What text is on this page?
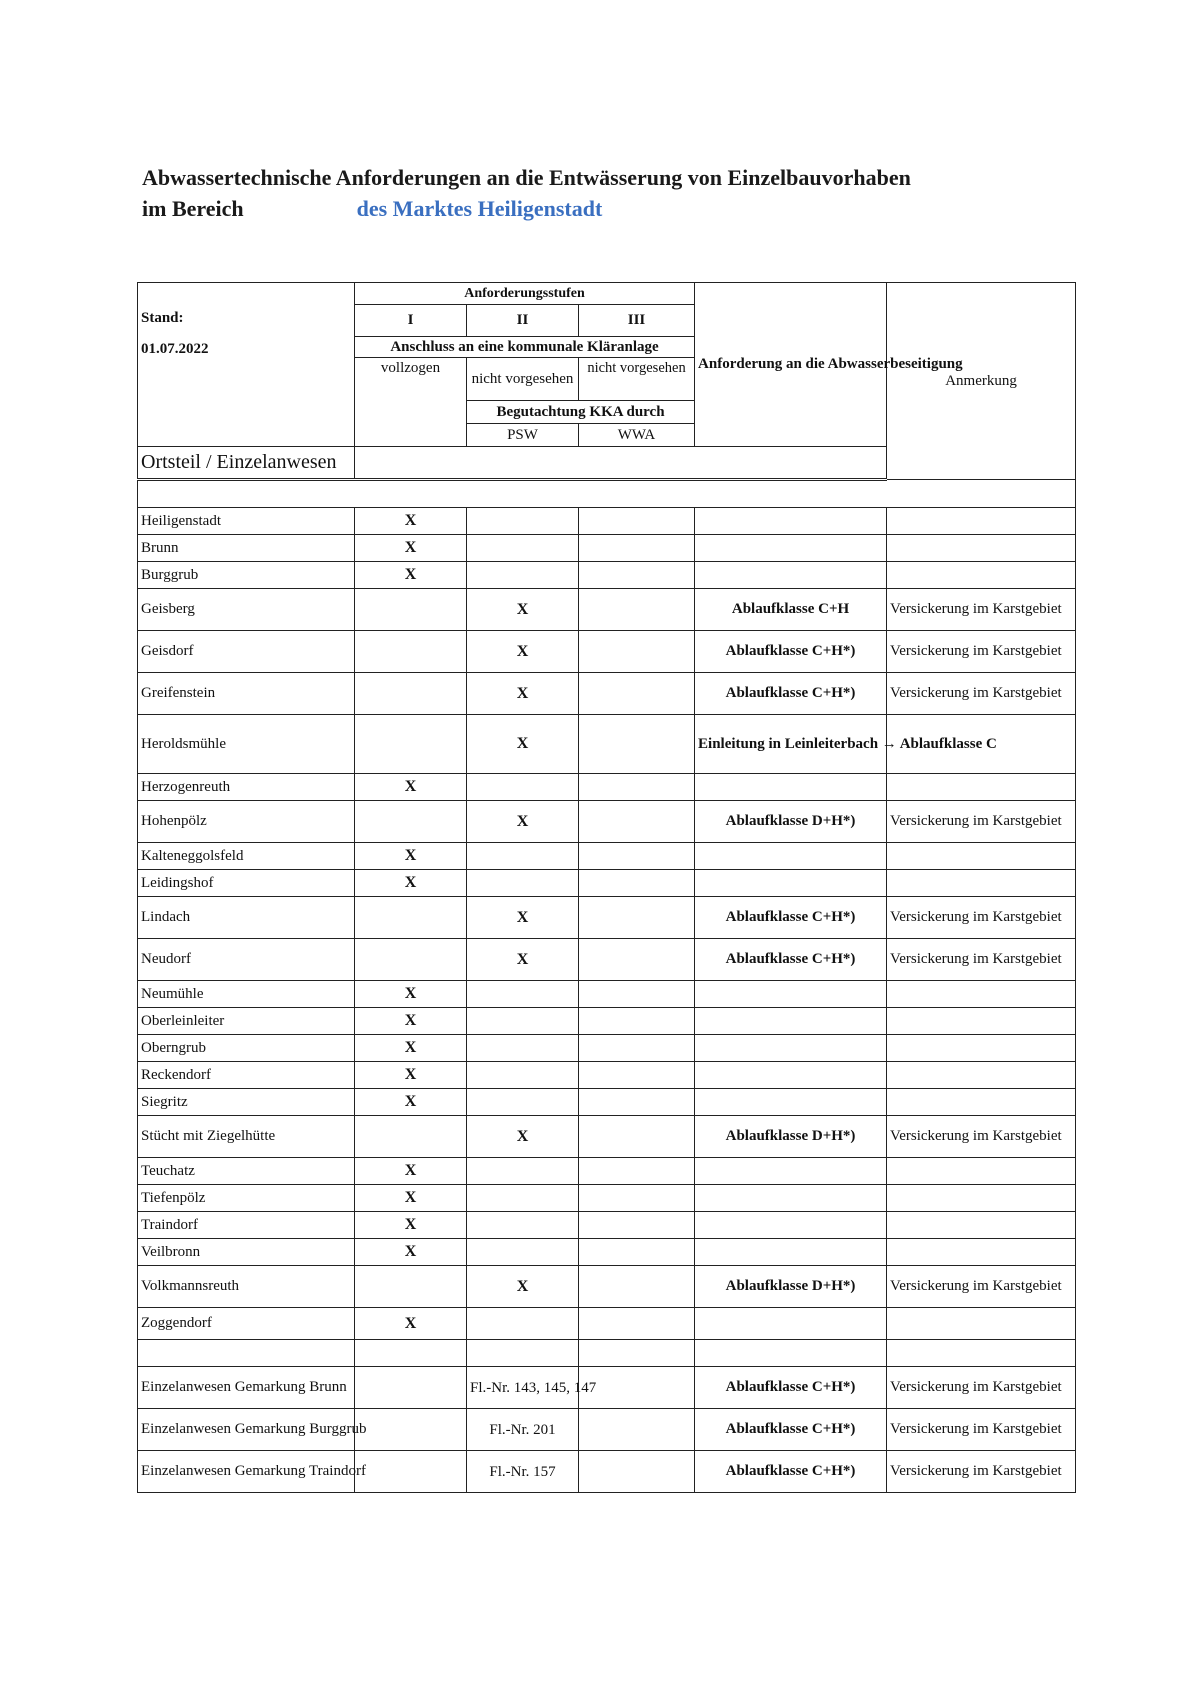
Abwassertechnische Anforderungen an die Entwässerung von Einzelbauvorhaben
im Bereich	des Marktes Heiligenstadt
Stand:
01.07.2022	Anforderungsstufen			Anforderung an die Abwasserbeseitigung	Anmerkung
	I	II	III		
	Anschluss an eine kommunale Kläranlage				
	vollzogen	nicht vorgesehen	nicht vorgesehen		
		Begutachtung KKA durch			
		PSW	WWA		
Ortsteil / Einzelanwesen					

Heiligenstadt	X				
Brunn	X				
Burggrub	X				
Geisberg		X		Ablaufklasse C+H	Versickerung im Karstgebiet
Geisdorf		X		Ablaufklasse C+H*)	Versickerung im Karstgebiet
Greifenstein		X		Ablaufklasse C+H*)	Versickerung im Karstgebiet
Heroldsmühle		X		Einleitung in Leinleiterbach → Ablaufklasse C	
Herzogenreuth	X				
Hohenpölz		X		Ablaufklasse D+H*)	Versickerung im Karstgebiet
Kalteneggolsfeld	X				
Leidingshof	X				
Lindach		X		Ablaufklasse C+H*)	Versickerung im Karstgebiet
Neudorf		X		Ablaufklasse C+H*)	Versickerung im Karstgebiet
Neumühle	X				
Oberleinleiter	X				
Oberngrub	X				
Reckendorf	X				
Siegritz	X				
Stücht mit Ziegelhütte		X		Ablaufklasse D+H*)	Versickerung im Karstgebiet
Teuchatz	X				
Tiefenpölz	X				
Traindorf	X				
Veilbronn	X				
Volkmannsreuth		X		Ablaufklasse D+H*)	Versickerung im Karstgebiet
Zoggendorf	X				

Einzelanwesen Gemarkung Brunn		Fl.-Nr. 143, 145, 147		Ablaufklasse C+H*)	Versickerung im Karstgebiet
Einzelanwesen Gemarkung Burggrub		Fl.-Nr. 201		Ablaufklasse C+H*)	Versickerung im Karstgebiet
Einzelanwesen Gemarkung Traindorf		Fl.-Nr. 157		Ablaufklasse C+H*)	Versickerung im Karstgebiet
